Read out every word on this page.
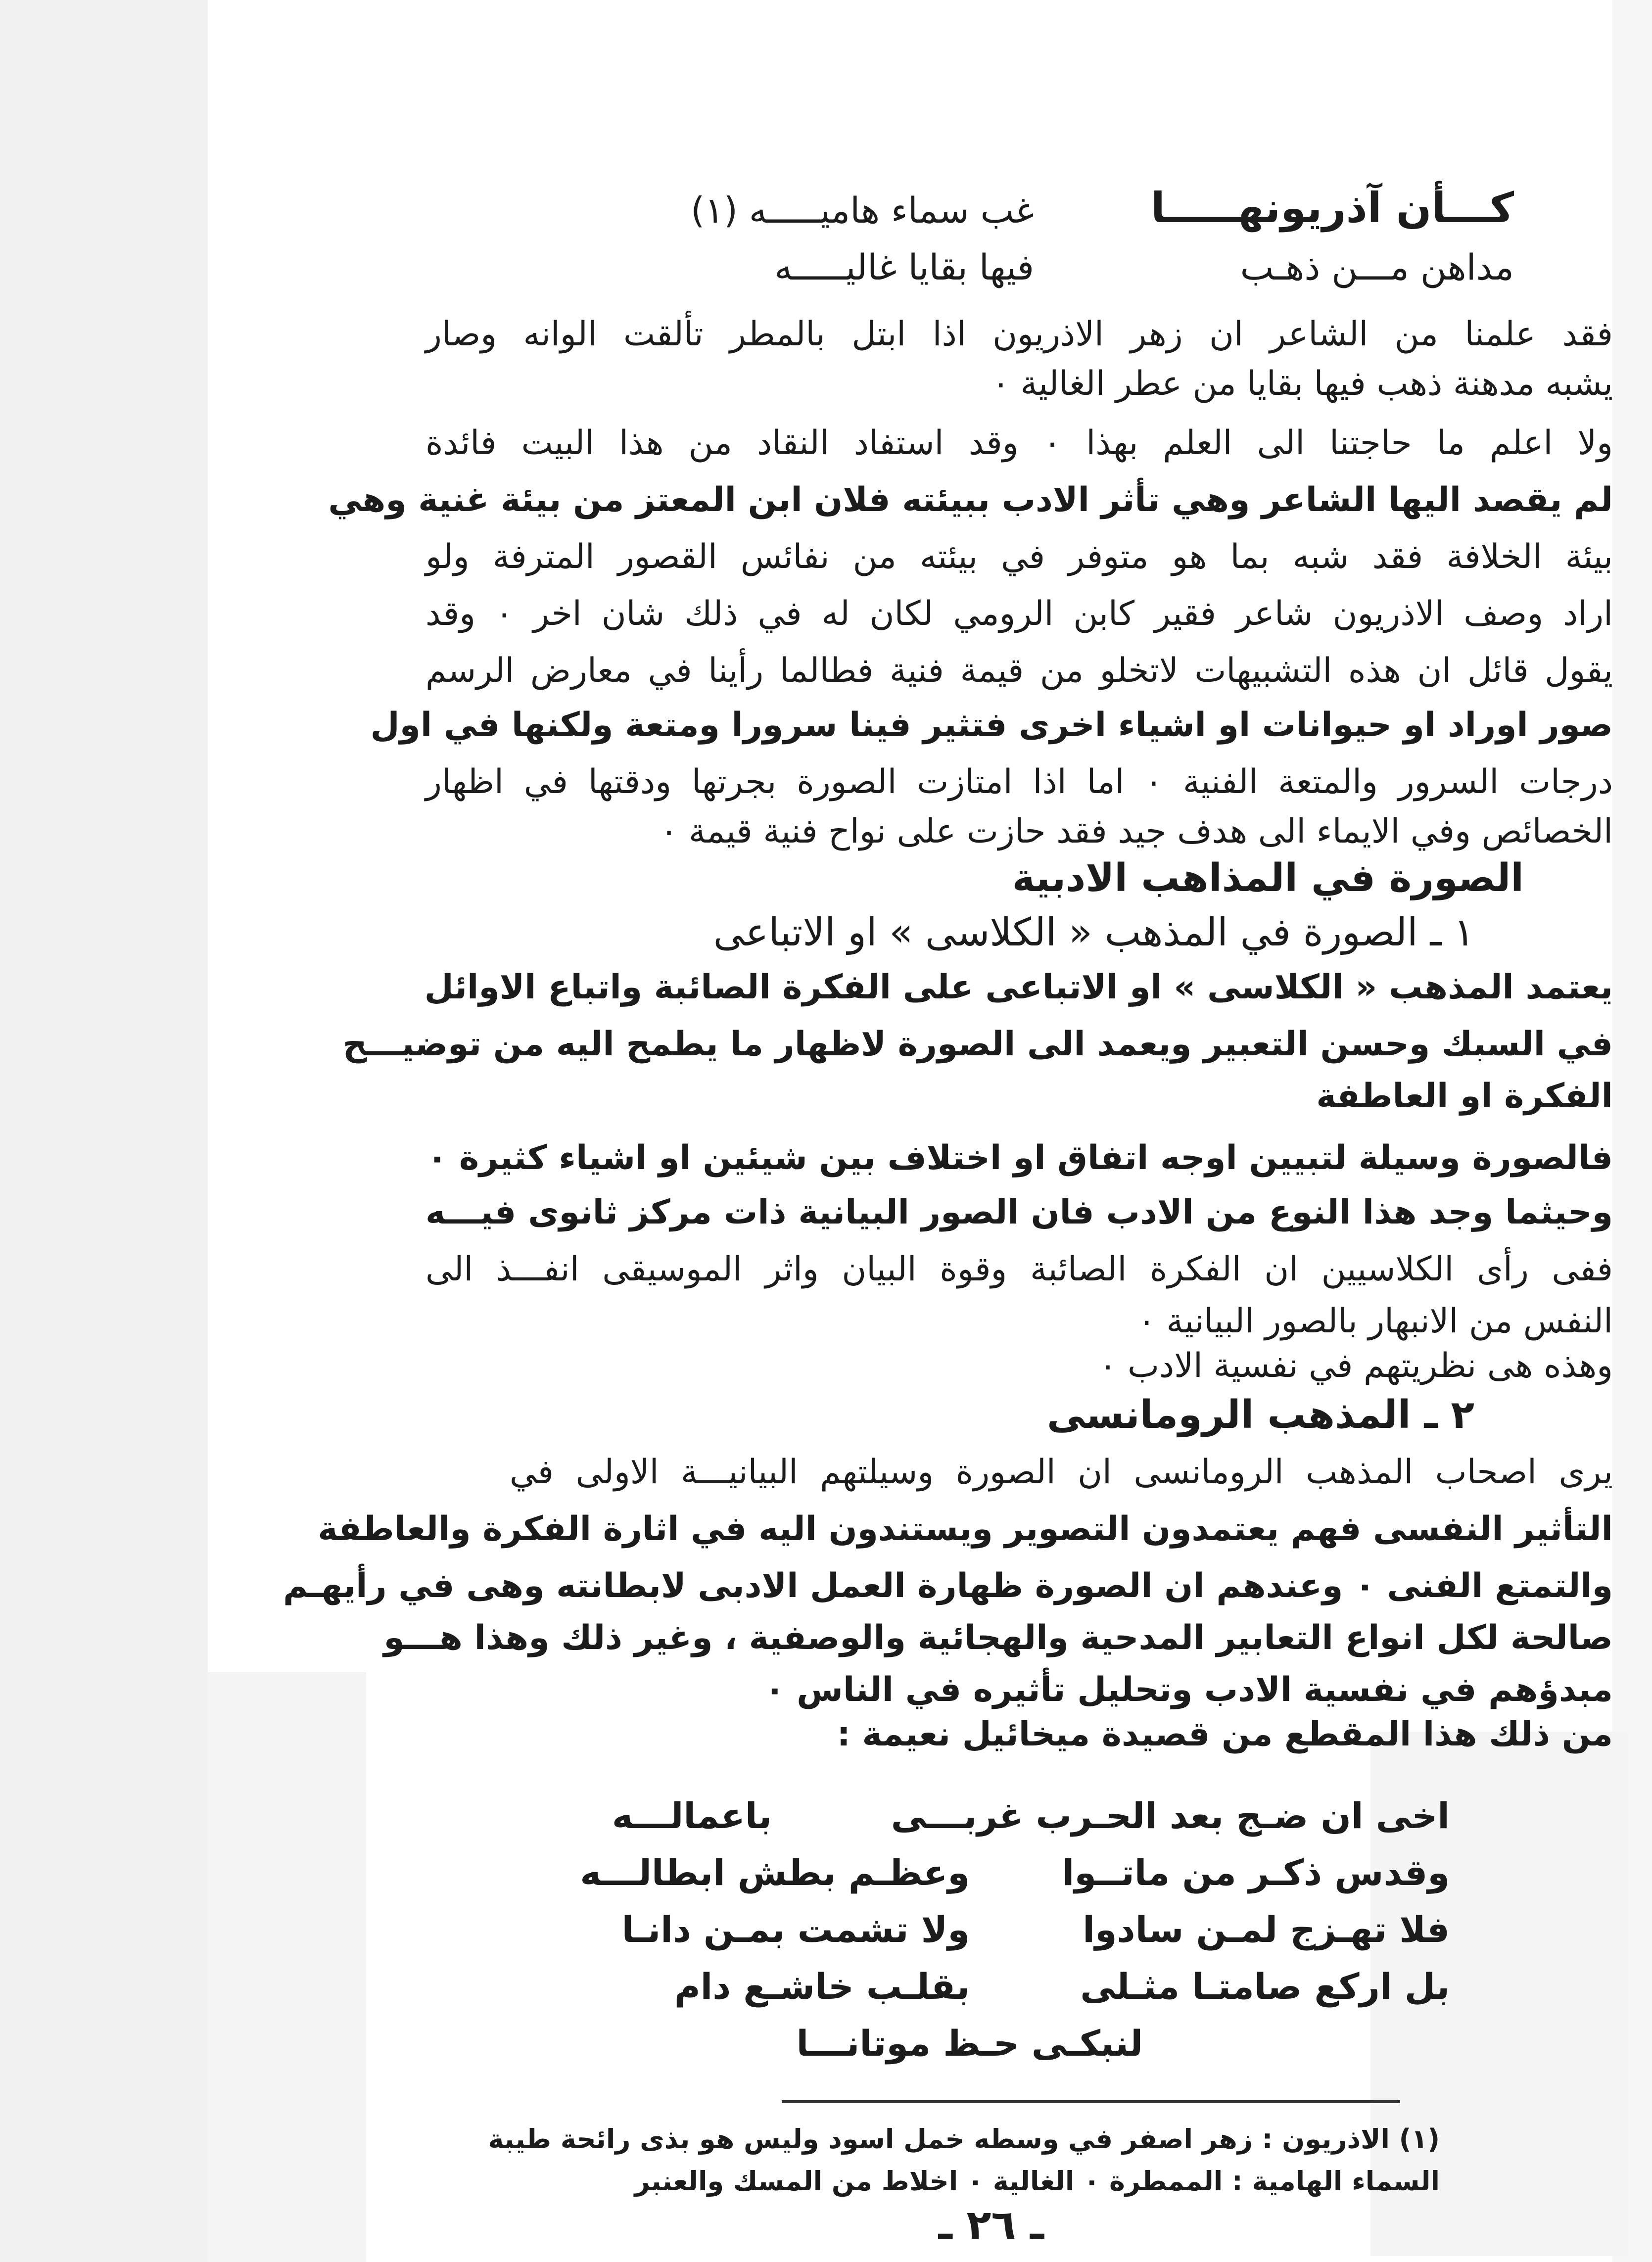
كـــأن آذريونهـــــا
غب سماء هاميـــــه (١)
مداهن مـــن ذهـب
فيها بقايا غاليـــــه
فقد علمنا من الشاعر ان زهر الاذريون اذا ابتل بالمطر تألقت الوانه وصار
يشبه مدهنة ذهب فيها بقايا من عطر الغالية ٠
ولا اعلم ما حاجتنا الى العلم بهذا ٠ وقد استفاد النقاد من هذا البيت فائدة
لم يقصد اليها الشاعر وهي تأثر الادب ببيئته فلان ابن المعتز من بيئة غنية وهي
بيئة الخلافة فقد شبه بما هو متوفر في بيئته من نفائس القصور المترفة ولو
اراد وصف الاذريون شاعر فقير كابن الرومي لكان له في ذلك شان اخر ٠ وقد
يقول قائل ان هذه التشبيهات لاتخلو من قيمة فنية فطالما رأينا في معارض الرسم
صور اوراد او حيوانات او اشياء اخرى فتثير فينا سرورا ومتعة ولكنها في اول
درجات السرور والمتعة الفنية ٠ اما اذا امتازت الصورة بجرتها ودقتها في اظهار
الخصائص وفي الايماء الى هدف جيد فقد حازت على نواح فنية قيمة ٠
الصورة في المذاهب الادبية
١ ـ الصورة في المذهب « الكلاسى » او الاتباعى
يعتمد المذهب « الكلاسى » او الاتباعى على الفكرة الصائبة واتباع الاوائل
في السبك وحسن التعبير ويعمد الى الصورة لاظهار ما يطمح اليه من توضيـــح
الفكرة او العاطفة
فالصورة وسيلة لتبيين اوجه اتفاق او اختلاف بين شيئين او اشياء كثيرة ٠
وحيثما وجد هذا النوع من الادب فان الصور البيانية ذات مركز ثانوى فيـــه
ففى رأى الكلاسيين ان الفكرة الصائبة وقوة البيان واثر الموسيقى انفـــذ الى
النفس من الانبهار بالصور البيانية ٠
وهذه هى نظريتهم في نفسية الادب ٠
٢ ـ المذهب الرومانسى
يرى اصحاب المذهب الرومانسى ان الصورة وسيلتهم البيانيـــة الاولى في
التأثير النفسى فهم يعتمدون التصوير ويستندون اليه في اثارة الفكرة والعاطفة
والتمتع الفنى ٠ وعندهم ان الصورة ظهارة العمل الادبى لابطانته وهى في رأيهـم
صالحة لكل انواع التعابير المدحية والهجائية والوصفية ، وغير ذلك وهذا هـــو
مبدؤهم في نفسية الادب وتحليل تأثيره في الناس ٠
من ذلك هذا المقطع من قصيدة ميخائيل نعيمة :
اخى ان ضـج بعد الحـرب غربـــى
باعمالـــه
وقدس ذكـر من ماتــوا
وعظـم بطش ابطالـــه
فلا تهـزج لمـن سادوا
ولا تشمت بمـن دانـا
بل اركع صامتـا مثـلى
بقلـب خاشـع دام
لنبكـى حـظ موتانـــا
(١) الاذريون : زهر اصفر في وسطه خمل اسود وليس هو بذى رائحة طيبة
السماء الهامية : الممطرة ٠ الغالية ٠ اخلاط من المسك والعنبر
ـ ٢٦ ـ
